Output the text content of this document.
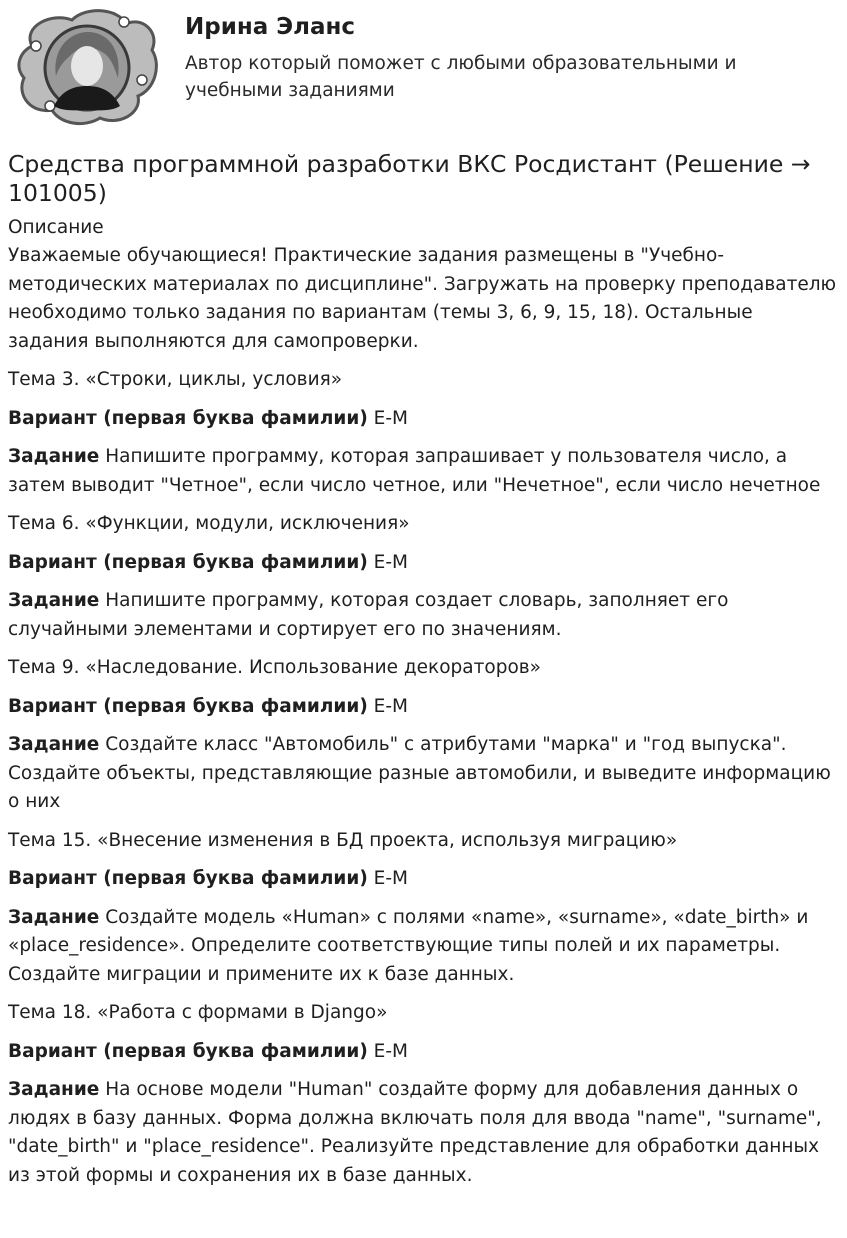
Ирина Эланс
Автор который поможет с любыми образовательными и учебными заданиями
Средства программной разработки ВКС Росдистант (Решение → 101005)
Описание

Уважаемые обучающиеся! Практические задания размещены в "Учебно-методических материалах по дисциплине". Загружать на проверку преподавателю необходимо только задания по вариантам (темы 3, 6, 9, 15, 18). Остальные задания выполняются для самопроверки.

Тема 3. «Строки, циклы, условия»

Вариант (первая буква фамилии) Е-М

Задание Напишите программу, которая запрашивает у пользователя число, а затем выводит "Четное", если число четное, или "Нечетное", если число нечетное

Тема 6. «Функции, модули, исключения»

Вариант (первая буква фамилии) Е-М

Задание Напишите программу, которая создает словарь, заполняет его случайными элементами и сортирует его по значениям.

Тема 9. «Наследование. Использование декораторов»

Вариант (первая буква фамилии) Е-М

Задание Создайте класс "Автомобиль" с атрибутами "марка" и "год выпуска". Создайте объекты, представляющие разные автомобили, и выведите информацию о них

Тема 15. «Внесение изменения в БД проекта, используя миграцию»

Вариант (первая буква фамилии) Е-М

Задание Создайте модель «Human» с полями «name», «surname», «date_birth» и «place_residence». Определите соответствующие типы полей и их параметры. Создайте миграции и примените их к базе данных.

Тема 18. «Работа с формами в Django»

Вариант (первая буква фамилии) Е-М

Задание На основе модели "Human" создайте форму для добавления данных о людях в базу данных. Форма должна включать поля для ввода "name", "surname", "date_birth" и "place_residence". Реализуйте представление для обработки данных из этой формы и сохранения их в базе данных.
